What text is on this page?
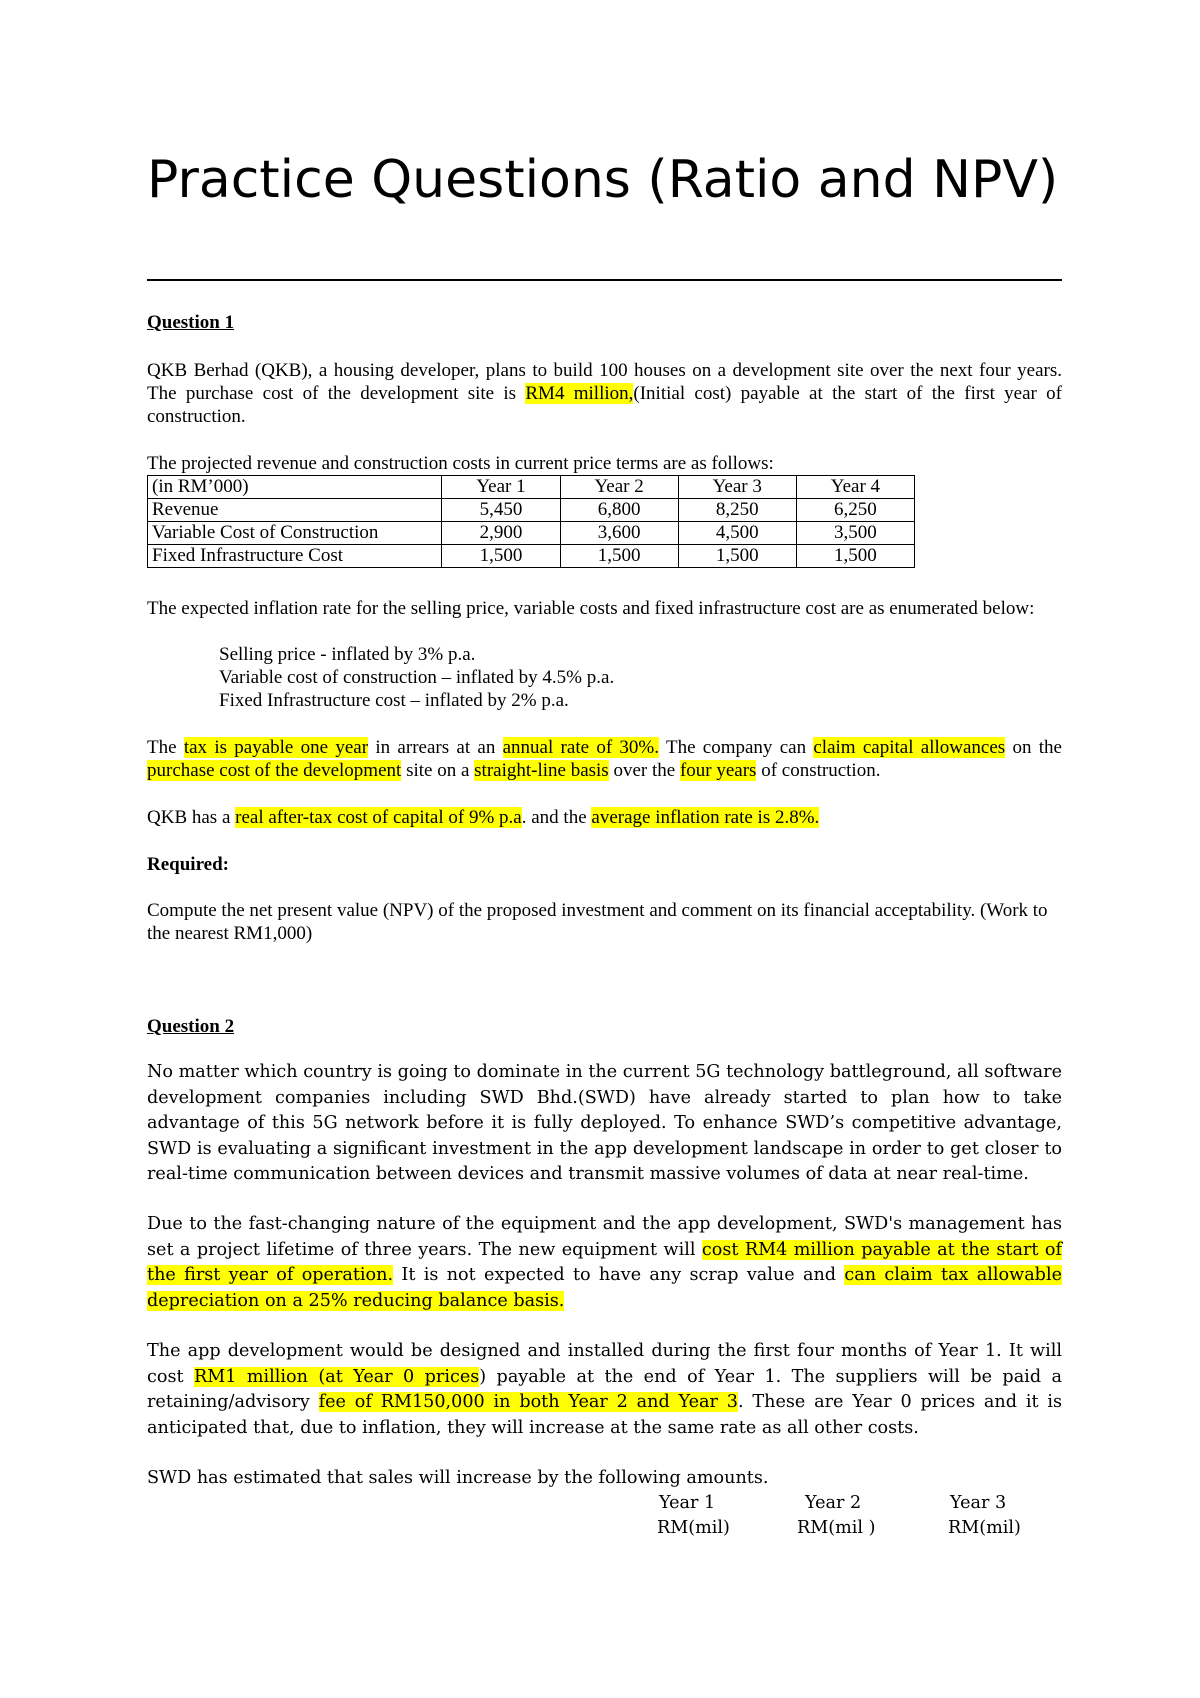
Practice Questions (Ratio and NPV)
Question 1
QKB Berhad (QKB), a housing developer, plans to build 100 houses on a development site over the next four years. The purchase cost of the development site is RM4 million,(Initial cost) payable at the start of the first year of construction.
The projected revenue and construction costs in current price terms are as follows:
(in RM’000)	Year 1	Year 2	Year 3	Year 4
Revenue	5,450	6,800	8,250	6,250
Variable Cost of Construction	2,900	3,600	4,500	3,500
Fixed Infrastructure Cost	1,500	1,500	1,500	1,500
The expected inflation rate for the selling price, variable costs and fixed infrastructure cost are as enumerated below:
Selling price - inflated by 3% p.a.
Variable cost of construction – inflated by 4.5% p.a.
Fixed Infrastructure cost – inflated by 2% p.a.
The tax is payable one year in arrears at an annual rate of 30%. The company can claim capital allowances on the purchase cost of the development site on a straight-line basis over the four years of construction.
QKB has a real after-tax cost of capital of 9% p.a. and the average inflation rate is 2.8%.
Required:
Compute the net present value (NPV) of the proposed investment and comment on its financial acceptability. (Work to the nearest RM1,000)
Question 2
No matter which country is going to dominate in the current 5G technology battleground, all software development companies including SWD Bhd.(SWD) have already started to plan how to take advantage of this 5G network before it is fully deployed. To enhance SWD’s competitive advantage, SWD is evaluating a significant investment in the app development landscape in order to get closer to real-time communication between devices and transmit massive volumes of data at near real-time.
Due to the fast-changing nature of the equipment and the app development, SWD's management has set a project lifetime of three years. The new equipment will cost RM4 million payable at the start of the first year of operation. It is not expected to have any scrap value and can claim tax allowable depreciation on a 25% reducing balance basis.
The app development would be designed and installed during the first four months of Year 1. It will cost RM1 million (at Year 0 prices) payable at the end of Year 1. The suppliers will be paid a retaining/advisory fee of RM150,000 in both Year 2 and Year 3. These are Year 0 prices and it is anticipated that, due to inflation, they will increase at the same rate as all other costs.
SWD has estimated that sales will increase by the following amounts.
Year 1	Year 2	Year 3
RM(mil)	RM(mil )	RM(mil)
